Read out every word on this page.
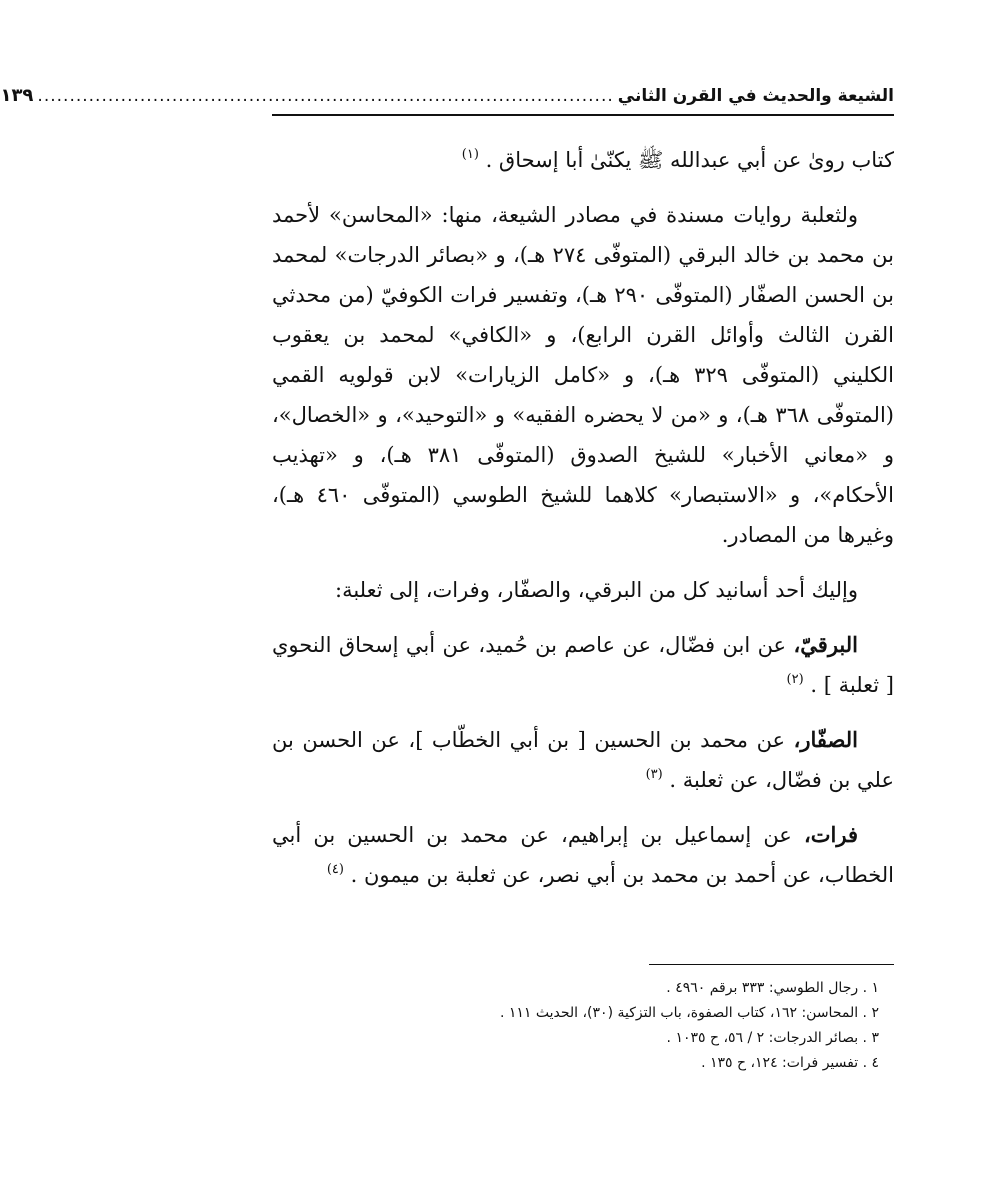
الشيعة والحديث في القرن الثاني
..........................................................................................
١٣٩

كتاب روىٰ عن أبي عبدالله ﷺ يكنّىٰ أبا إسحاق . $^{(١)}$

ولثعلبة روايات مسندة في مصادر الشيعة، منها: «المحاسن» لأحمد بن محمد بن خالد البرقي (المتوفّى ٢٧٤ هـ)، و «بصائر الدرجات» لمحمد بن الحسن الصفّار (المتوفّى ٢٩٠ هـ)، وتفسير فرات الكوفيّ (من محدثي القرن الثالث وأوائل القرن الرابع)، و «الكافي» لمحمد بن يعقوب الكليني (المتوفّى ٣٢٩ هـ)، و «كامل الزيارات» لابن قولويه القمي (المتوفّى ٣٦٨ هـ)، و «من لا يحضره الفقيه» و «التوحيد»، و «الخصال»، و «معاني الأخبار» للشيخ الصدوق (المتوفّى ٣٨١ هـ)، و «تهذيب الأحكام»، و «الاستبصار» كلاهما للشيخ الطوسي (المتوفّى ٤٦٠ هـ)، وغيرها من المصادر.

وإليك أحد أسانيد كل من البرقي، والصفّار، وفرات، إلى ثعلبة:

البرقيّ، عن ابن فضّال، عن عاصم بن حُميد، عن أبي إسحاق النحوي [ ثعلبة ] . $^{(٢)}$

الصفّار، عن محمد بن الحسين [ بن أبي الخطّاب ]، عن الحسن بن علي بن فضّال، عن ثعلبة . $^{(٣)}$

فرات، عن إسماعيل بن إبراهيم، عن محمد بن الحسين بن أبي الخطاب، عن أحمد بن محمد بن أبي نصر، عن ثعلبة بن ميمون . $^{(٤)}$

١ . رجال الطوسي: ٣٣٣ برقم ٤٩٦٠ .
٢ . المحاسن: ١٦٢، كتاب الصفوة، باب التزكية (٣٠)، الحديث ١١١ .
٣ . بصائر الدرجات: ٢ / ٥٦، ح ١٠٣٥ .
٤ . تفسير فرات: ١٢٤، ح ١٣٥ .
